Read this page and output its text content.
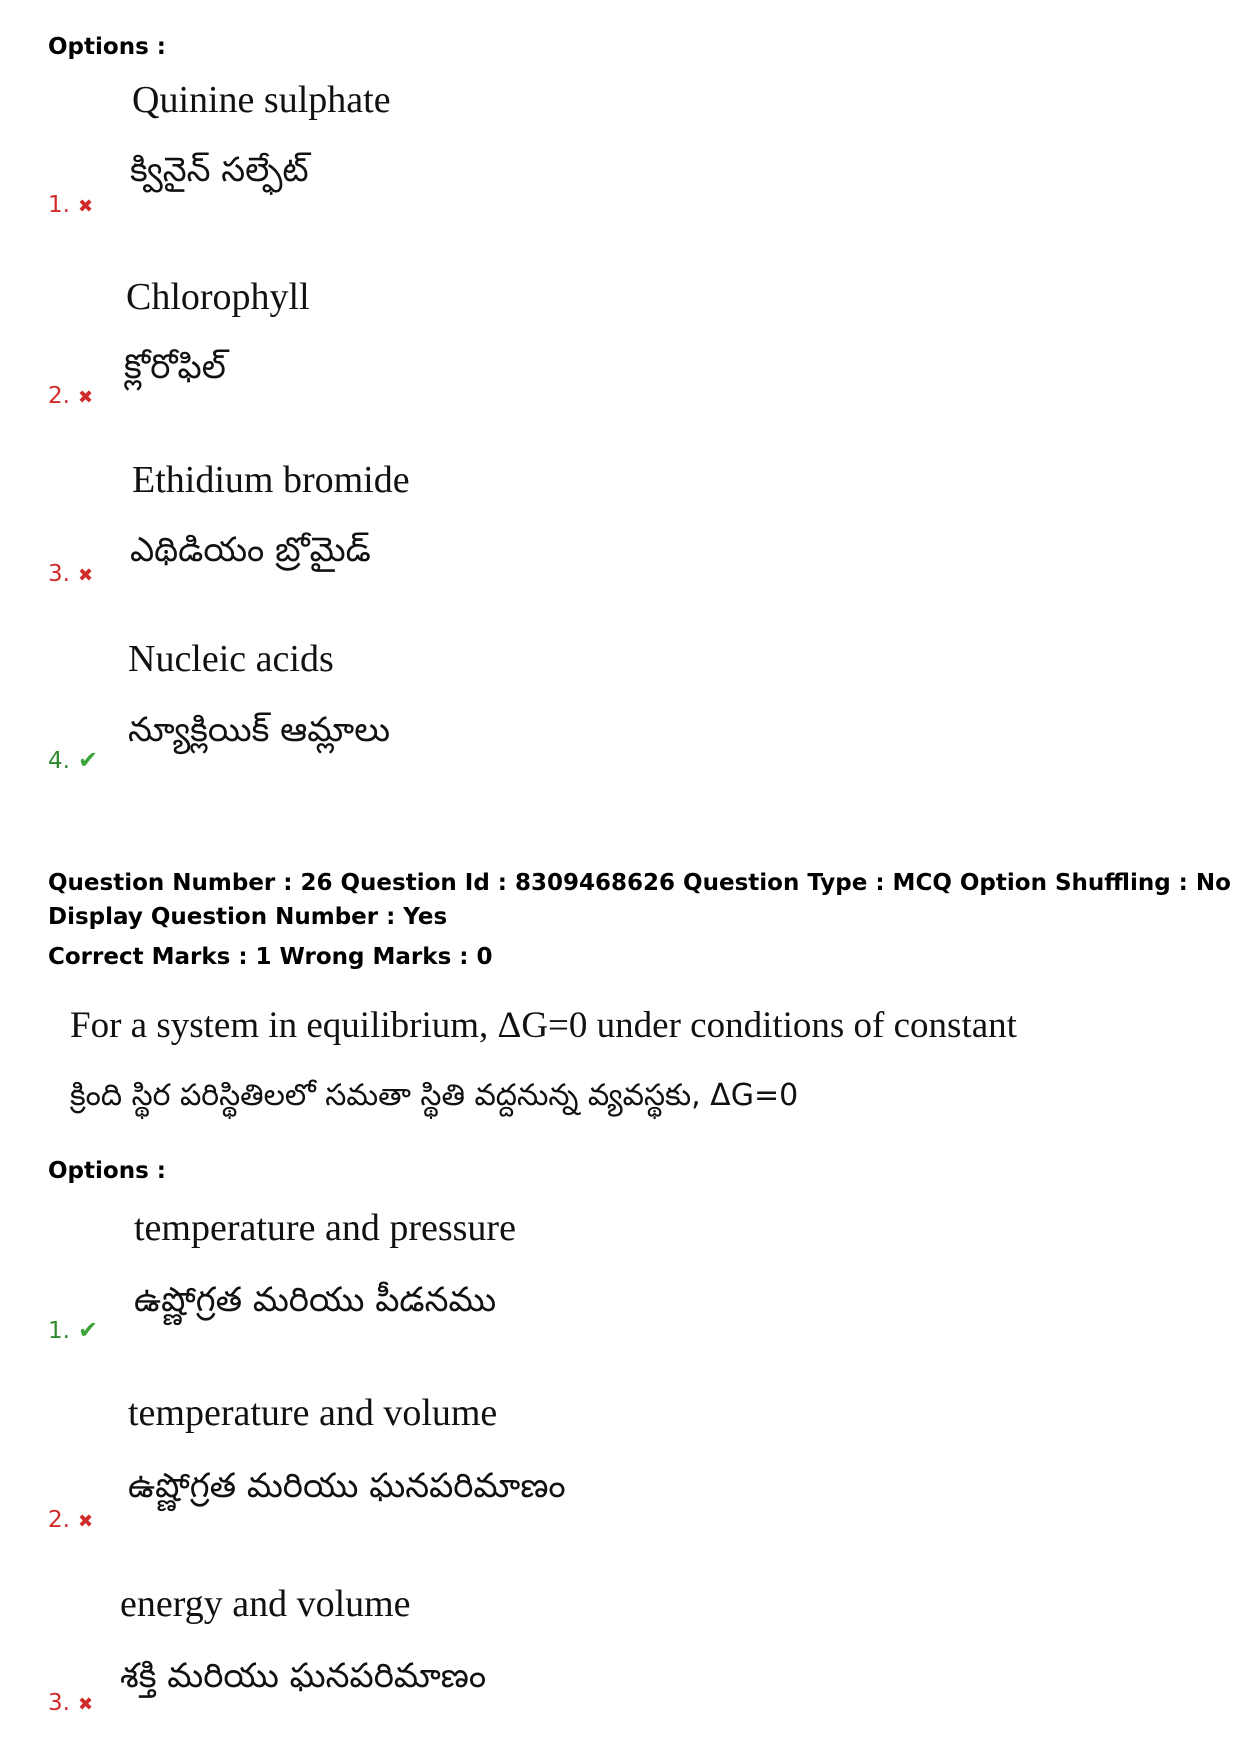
Options :
Quinine sulphate
క్వినైన్ సల్ఫేట్
1. ✖
Chlorophyll
క్లోరోఫిల్
2. ✖
Ethidium bromide
ఎథిడియం బ్రోమైడ్
3. ✖
Nucleic acids
న్యూక్లియిక్ ఆమ్లాలు
4. ✔
Question Number : 26 Question Id : 8309468626 Question Type : MCQ Option Shuffling : No
Display Question Number : Yes
Correct Marks : 1 Wrong Marks : 0
For a system in equilibrium, ΔG=0 under conditions of constant
క్రింది స్థిర పరిస్థితిలలో సమతా స్థితి వద్దనున్న వ్యవస్థకు, ΔG=0
Options :
temperature and pressure
ఉష్ణోగ్రత మరియు పీడనము
1. ✔
temperature and volume
ఉష్ణోగ్రత మరియు ఘనపరిమాణం
2. ✖
energy and volume
శక్తి మరియు ఘనపరిమాణం
3. ✖
